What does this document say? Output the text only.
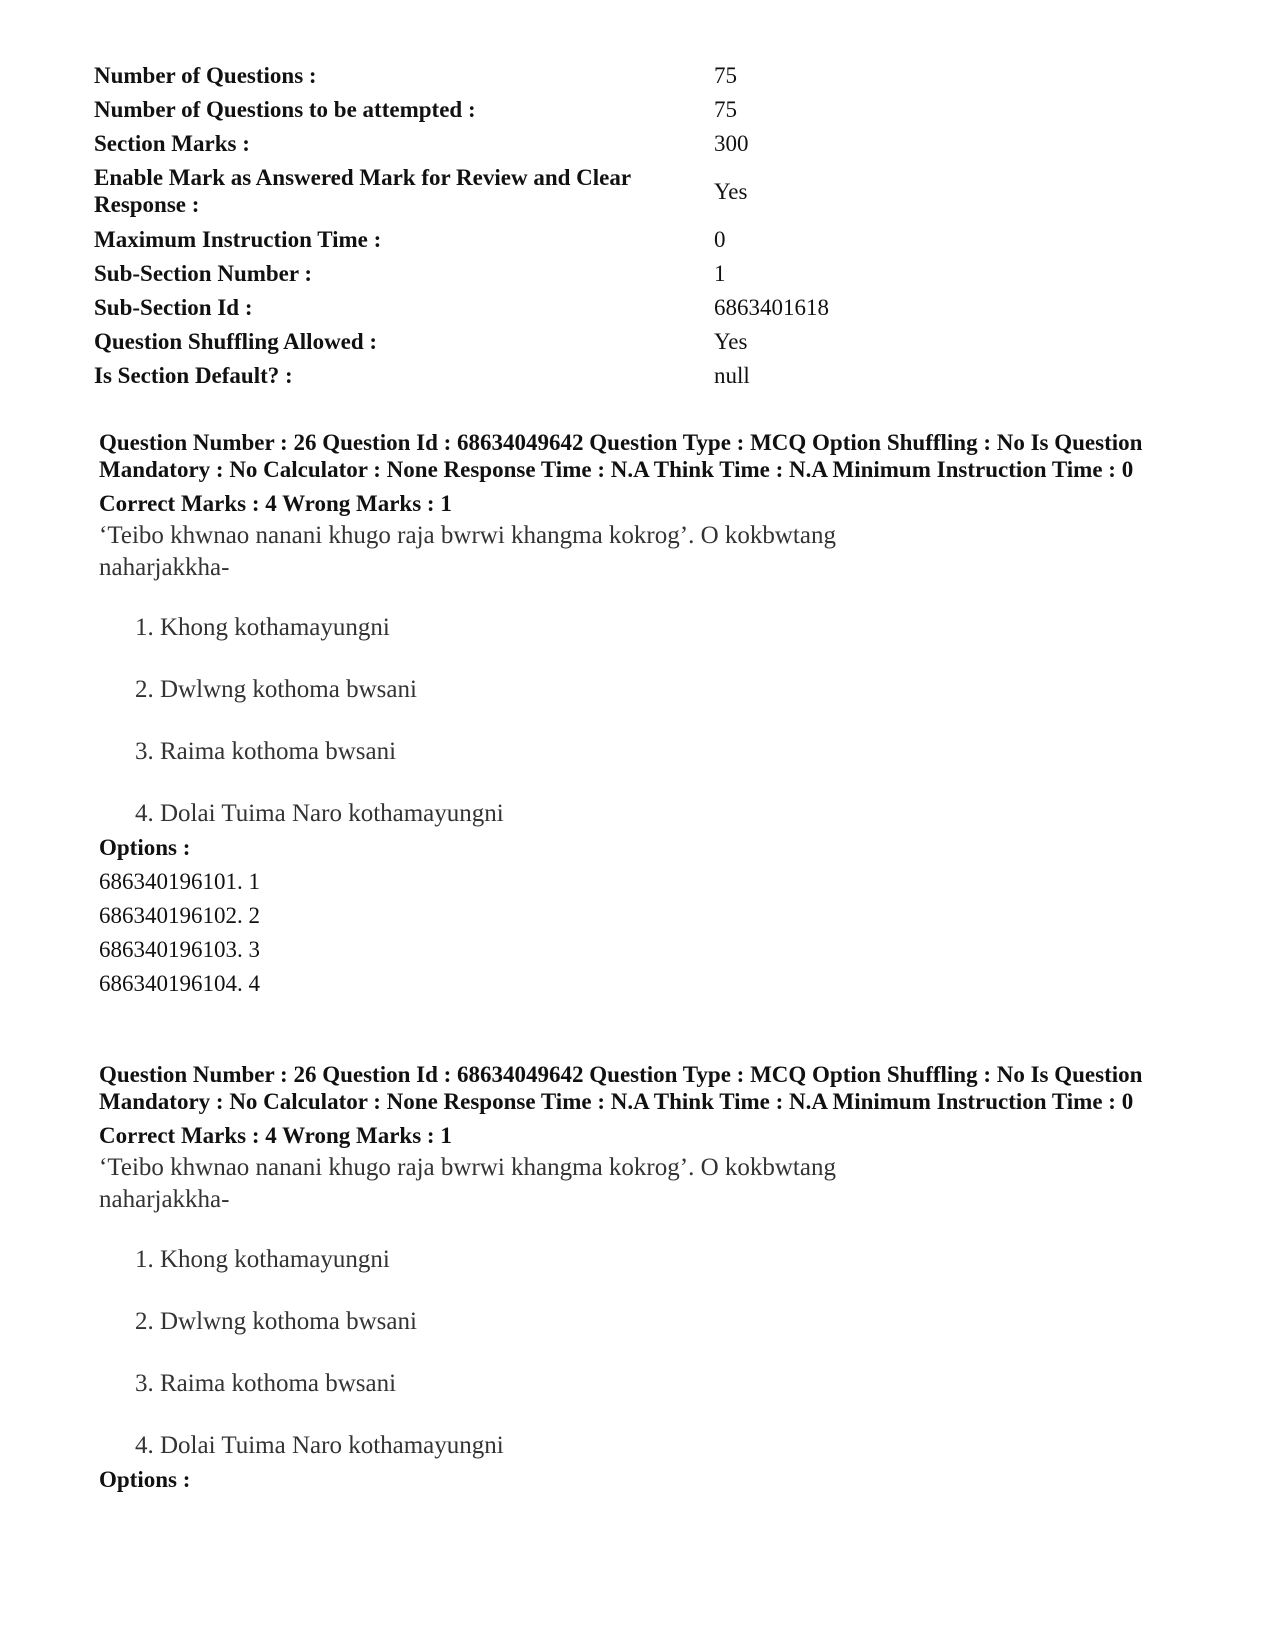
Number of Questions :	75
Number of Questions to be attempted :	75
Section Marks :	300
Enable Mark as Answered Mark for Review and Clear Response :	Yes
Maximum Instruction Time :	0
Sub-Section Number :	1
Sub-Section Id :	6863401618
Question Shuffling Allowed :	Yes
Is Section Default? :	null

Question Number : 26 Question Id : 68634049642 Question Type : MCQ Option Shuffling : No Is Question Mandatory : No Calculator : None Response Time : N.A Think Time : N.A Minimum Instruction Time : 0

Correct Marks : 4 Wrong Marks : 1
‘Teibo khwnao nanani khugo raja bwrwi khangma kokrog’. O kokbwtang naharjakkha-
1. Khong kothamayungni
2. Dwlwng kothoma bwsani
3. Raima kothoma bwsani
4. Dolai Tuima Naro kothamayungni
Options :
686340196101. 1
686340196102. 2
686340196103. 3
686340196104. 4

Question Number : 26 Question Id : 68634049642 Question Type : MCQ Option Shuffling : No Is Question Mandatory : No Calculator : None Response Time : N.A Think Time : N.A Minimum Instruction Time : 0

Correct Marks : 4 Wrong Marks : 1
‘Teibo khwnao nanani khugo raja bwrwi khangma kokrog’. O kokbwtang naharjakkha-
1. Khong kothamayungni
2. Dwlwng kothoma bwsani
3. Raima kothoma bwsani
4. Dolai Tuima Naro kothamayungni
Options :
